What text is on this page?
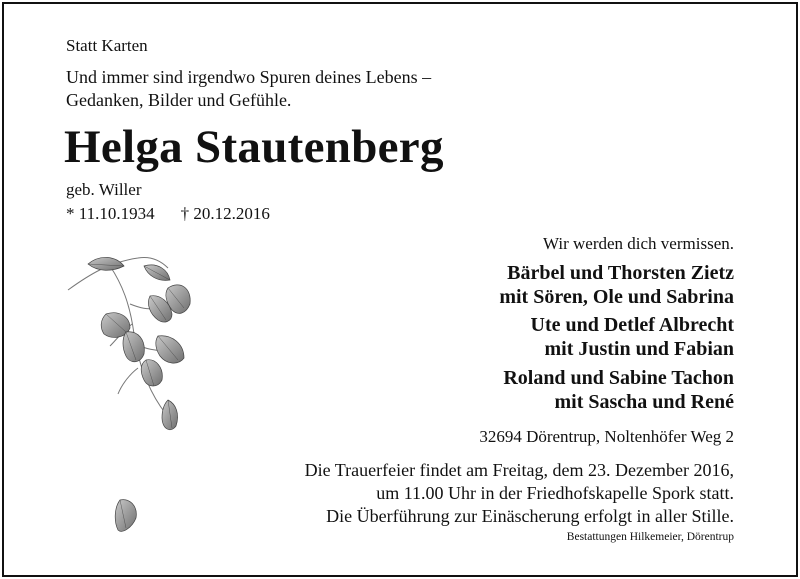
Statt Karten
Und immer sind irgendwo Spuren deines Lebens –
Gedanken, Bilder und Gefühle.
Helga Stautenberg
geb. Willer
* 11.10.1934 † 20.12.2016
Wir werden dich vermissen.
Bärbel und Thorsten Zietz
mit Sören, Ole und Sabrina
Ute und Detlef Albrecht
mit Justin und Fabian
Roland und Sabine Tachon
mit Sascha und René
32694 Dörentrup, Noltenhöfer Weg 2
Die Trauerfeier findet am Freitag, dem 23. Dezember 2016,
um 11.00 Uhr in der Friedhofskapelle Spork statt.
Die Überführung zur Einäscherung erfolgt in aller Stille.
Bestattungen Hilkemeier, Dörentrup
